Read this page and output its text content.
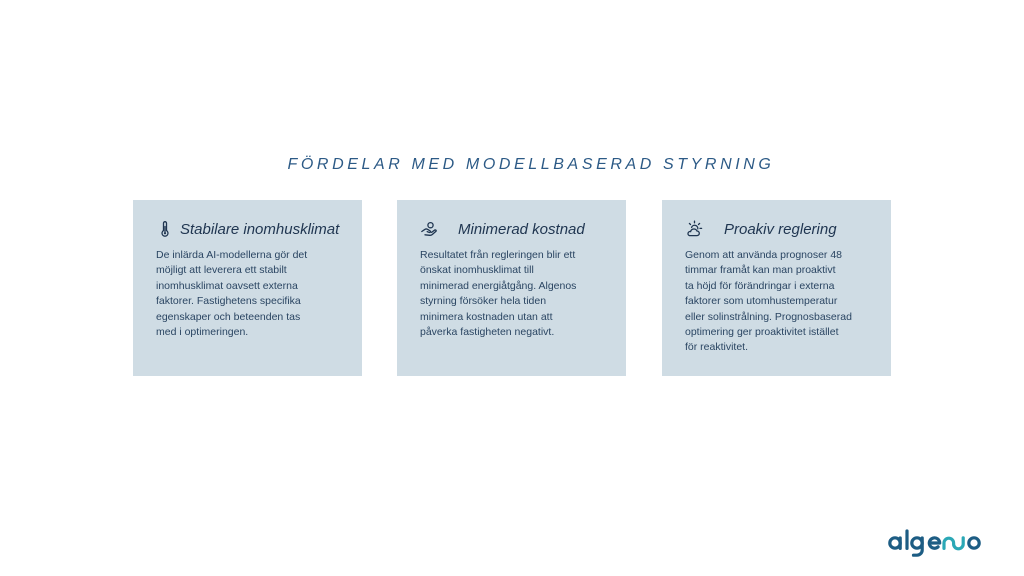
FÖRDELAR MED MODELLBASERAD STYRNING
Stabilare inomhusklimat
De inlärda AI-modellerna gör det
möjligt att leverera ett stabilt
inomhusklimat oavsett externa
faktorer. Fastighetens specifika
egenskaper och beteenden tas
med i optimeringen.
Minimerad kostnad
Resultatet från regleringen blir ett
önskat inomhusklimat till
minimerad energiåtgång. Algenos
styrning försöker hela tiden
minimera kostnaden utan att
påverka fastigheten negativt.
Proakiv reglering
Genom att använda prognoser 48
timmar framåt kan man proaktivt
ta höjd för förändringar i externa
faktorer som utomhustemperatur
eller solinstrålning. Prognosbaserad
optimering ger proaktivitet istället
för reaktivitet.
